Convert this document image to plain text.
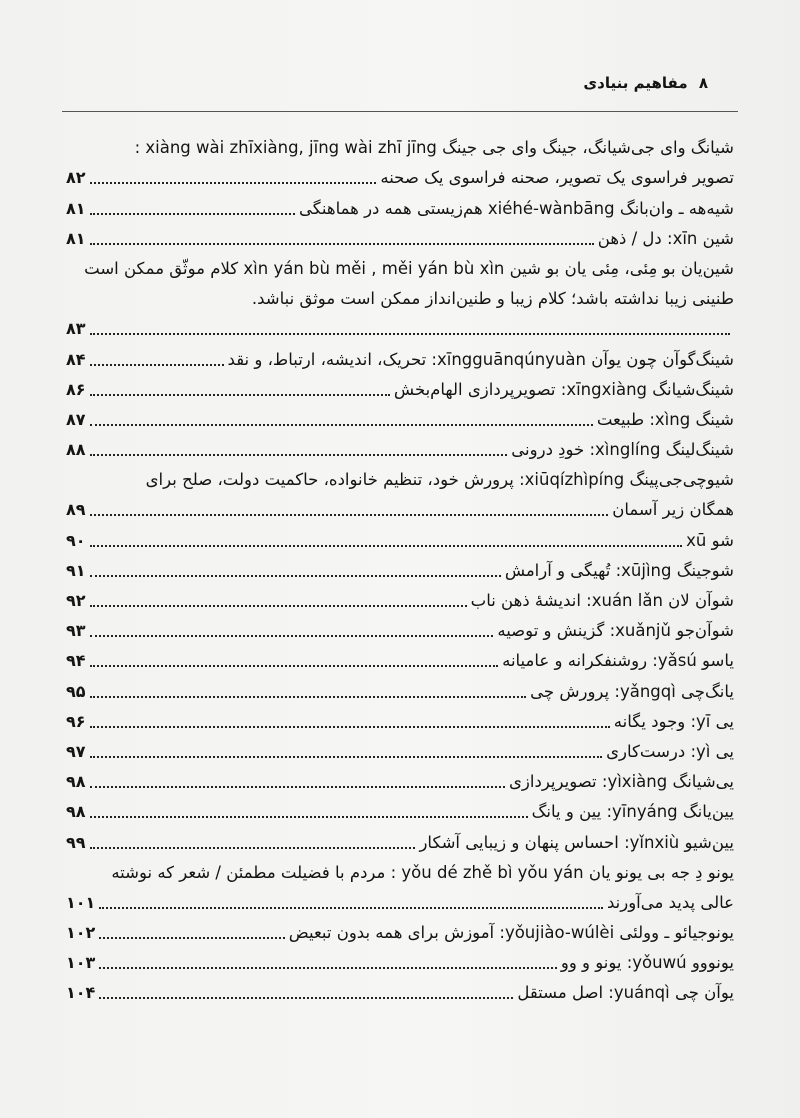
۸ مفاهیم بنیادی
شیانگ وای جی‌شیانگ، جینگ وای جی جینگ xiàng wài zhīxiàng, jīng wài zhī jīng :
تصویر فراسوی یک تصویر، صحنه فراسوی یک صحنه
۸۲
شیه‌هه ـ وان‌بانگ xiéhé-wànbāng هم‌زیستی همه در هماهنگی
۸۱
شین xīn: دل / ذهن
۸۱
شین‌یان بو مِئی، مِئی یان بو شین xìn yán bù měi , měi yán bù xìn کلام موثّق ممکن است
طنینی زیبا نداشته باشد؛ کلام زیبا و طنین‌انداز ممکن است موثق نباشد.
۸۳
شینگ‌گوآن چون یوآن xīngguānqúnyuàn: تحریک، اندیشه، ارتباط، و نقد
۸۴
شینگ‌شیانگ xīngxiàng: تصویرپردازی الهام‌بخش
۸۶
شینگ xìng: طبیعت
۸۷
شینگ‌لینگ xìnglíng: خودِ درونی
۸۸
شیوچی‌جی‌پینگ xiūqízhìpíng: پرورش خود، تنظیم خانواده، حاکمیت دولت، صلح برای
همگان زیر آسمان
۸۹
شو xū
۹۰
شوجینگ xūjìng: تُهیگی و آرامش
۹۱
شوآن لان xuán lǎn: اندیشهٔ ذهن ناب
۹۲
شوآن‌جو xuǎnjǔ: گزینش و توصیه
۹۳
یاسو yǎsú: روشنفکرانه و عامیانه
۹۴
یانگ‌چی yǎngqì: پرورش چی
۹۵
یی yī: وجود یگانه
۹۶
یی yì: درست‌کاری
۹۷
یی‌شیانگ yìxiàng: تصویرپردازی
۹۸
یین‌یانگ yīnyáng: یین و یانگ
۹۸
یین‌شیو yǐnxiù: احساس پنهان و زیبایی آشکار
۹۹
یونو دِ جه بی یونو یان yǒu dé zhě bì yǒu yán : مردم با فضیلت مطمئن / شعر که نوشته
عالی پدید می‌آورند
۱۰۱
یونوجیائو ـ وولئی yǒujiào-wúlèi: آموزش برای همه بدون تبعیض
۱۰۲
یونووو yǒuwú: یونو و وو
۱۰۳
یوآن چی yuánqì: اصل مستقل
۱۰۴
